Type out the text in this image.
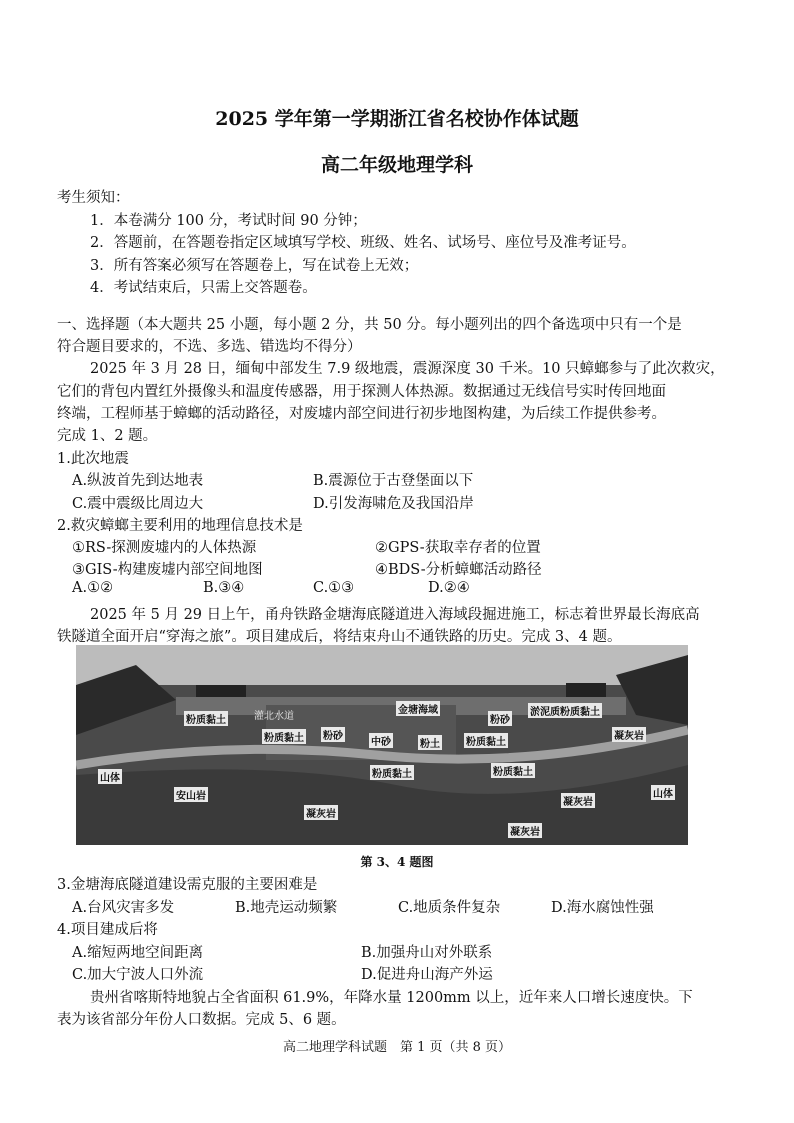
2025 学年第一学期浙江省名校协作体试题
高二年级地理学科
考生须知：
1．本卷满分 100 分，考试时间 90 分钟；
2．答题前，在答题卷指定区域填写学校、班级、姓名、试场号、座位号及准考证号。
3．所有答案必须写在答题卷上，写在试卷上无效；
4．考试结束后，只需上交答题卷。
一、选择题（本大题共 25 小题，每小题 2 分，共 50 分。每小题列出的四个备选项中只有一个是
符合题目要求的，不选、多选、错选均不得分）
2025 年 3 月 28 日，缅甸中部发生 7.9 级地震，震源深度 30 千米。10 只蟑螂参与了此次救灾，
它们的背包内置红外摄像头和温度传感器，用于探测人体热源。数据通过无线信号实时传回地面
终端，工程师基于蟑螂的活动路径，对废墟内部空间进行初步地图构建，为后续工作提供参考。
完成 1、2 题。
1.此次地震
A.纵波首先到达地表	B.震源位于古登堡面以下
C.震中震级比周边大	D.引发海啸危及我国沿岸
2.救灾蟑螂主要利用的地理信息技术是
①RS-探测废墟内的人体热源	②GPS-获取幸存者的位置
③GIS-构建废墟内部空间地图	④BDS-分析蟑螂活动路径
A.①②	B.③④	C.①③	D.②④
2025 年 5 月 29 日上午，甬舟铁路金塘海底隧道进入海域段掘进施工，标志着世界最长海底高
铁隧道全面开启“穿海之旅”。项目建成后，将结束舟山不通铁路的历史。完成 3、4 题。
金塘海域
粉质黏土
粉质黏土 粉砂
中砂	粉土	粉质黏土
粉砂
淤泥质粉质黏土
凝灰岩
粉质黏土	粉质黏土
山体
安山岩
凝灰岩
凝灰岩
凝灰岩
山体
灌北水道
第 3、4 题图
3.金塘海底隧道建设需克服的主要困难是
A.台风灾害多发	B.地壳运动频繁	C.地质条件复杂	D.海水腐蚀性强
4.项目建成后将
A.缩短两地空间距离	B.加强舟山对外联系
C.加大宁波人口外流	D.促进舟山海产外运
贵州省喀斯特地貌占全省面积 61.9%，年降水量 1200mm 以上，近年来人口增长速度快。下
表为该省部分年份人口数据。完成 5、6 题。
高二地理学科试题　第 1 页（共 8 页）
